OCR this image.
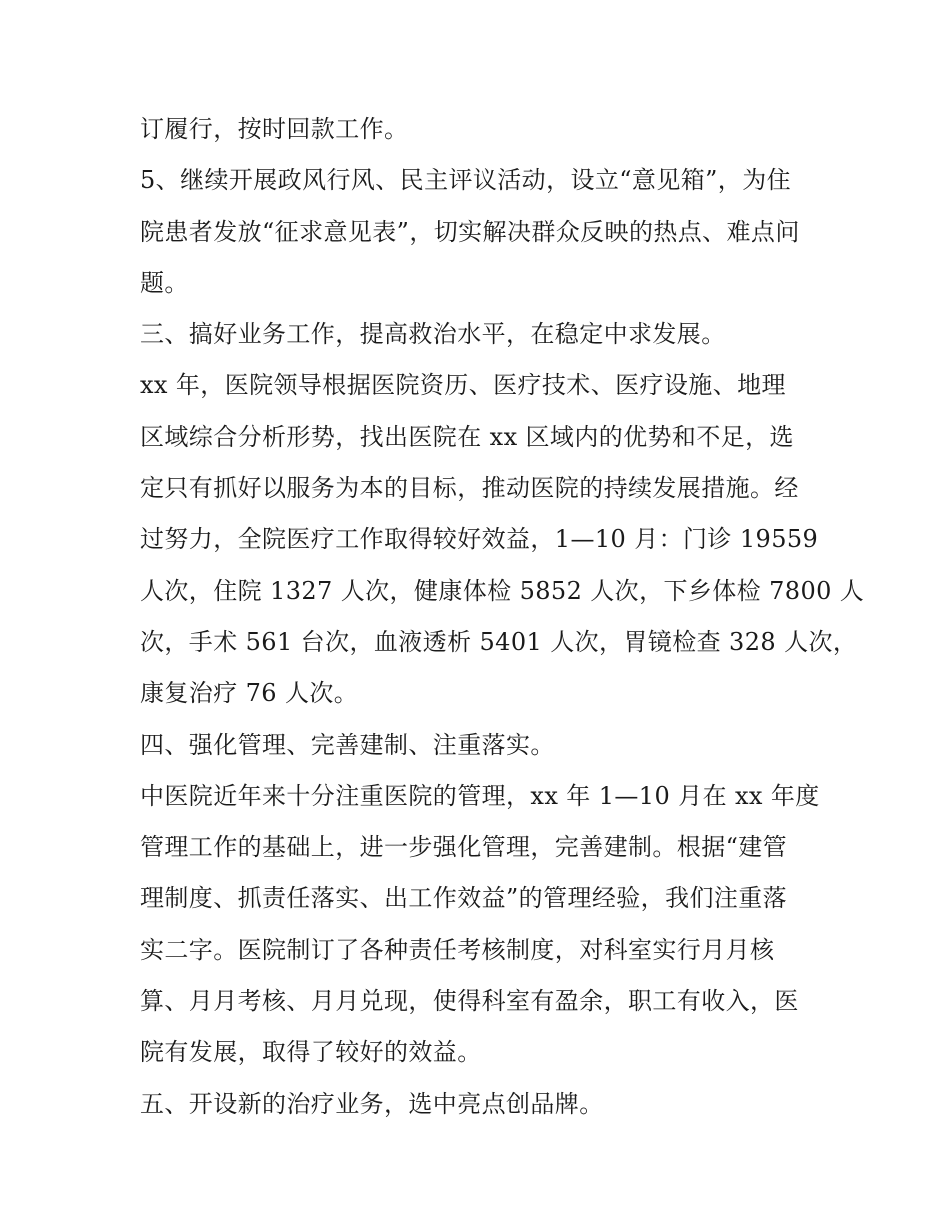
订履行，按时回款工作。
5、继续开展政风行风、民主评议活动，设立“意见箱”，为住
院患者发放“征求意见表”，切实解决群众反映的热点、难点问
题。
三、搞好业务工作，提高救治水平，在稳定中求发展。
xx 年，医院领导根据医院资历、医疗技术、医疗设施、地理
区域综合分析形势，找出医院在 xx 区域内的优势和不足，选
定只有抓好以服务为本的目标，推动医院的持续发展措施。经
过努力，全院医疗工作取得较好效益，1—10 月：门诊 19559
人次，住院 1327 人次，健康体检 5852 人次，下乡体检 7800 人
次，手术 561 台次，血液透析 5401 人次，胃镜检查 328 人次，
康复治疗 76 人次。
四、强化管理、完善建制、注重落实。
中医院近年来十分注重医院的管理，xx 年 1—10 月在 xx 年度
管理工作的基础上，进一步强化管理，完善建制。根据“建管
理制度、抓责任落实、出工作效益”的管理经验，我们注重落
实二字。医院制订了各种责任考核制度，对科室实行月月核
算、月月考核、月月兑现，使得科室有盈余，职工有收入，医
院有发展，取得了较好的效益。
五、开设新的治疗业务，选中亮点创品牌。
